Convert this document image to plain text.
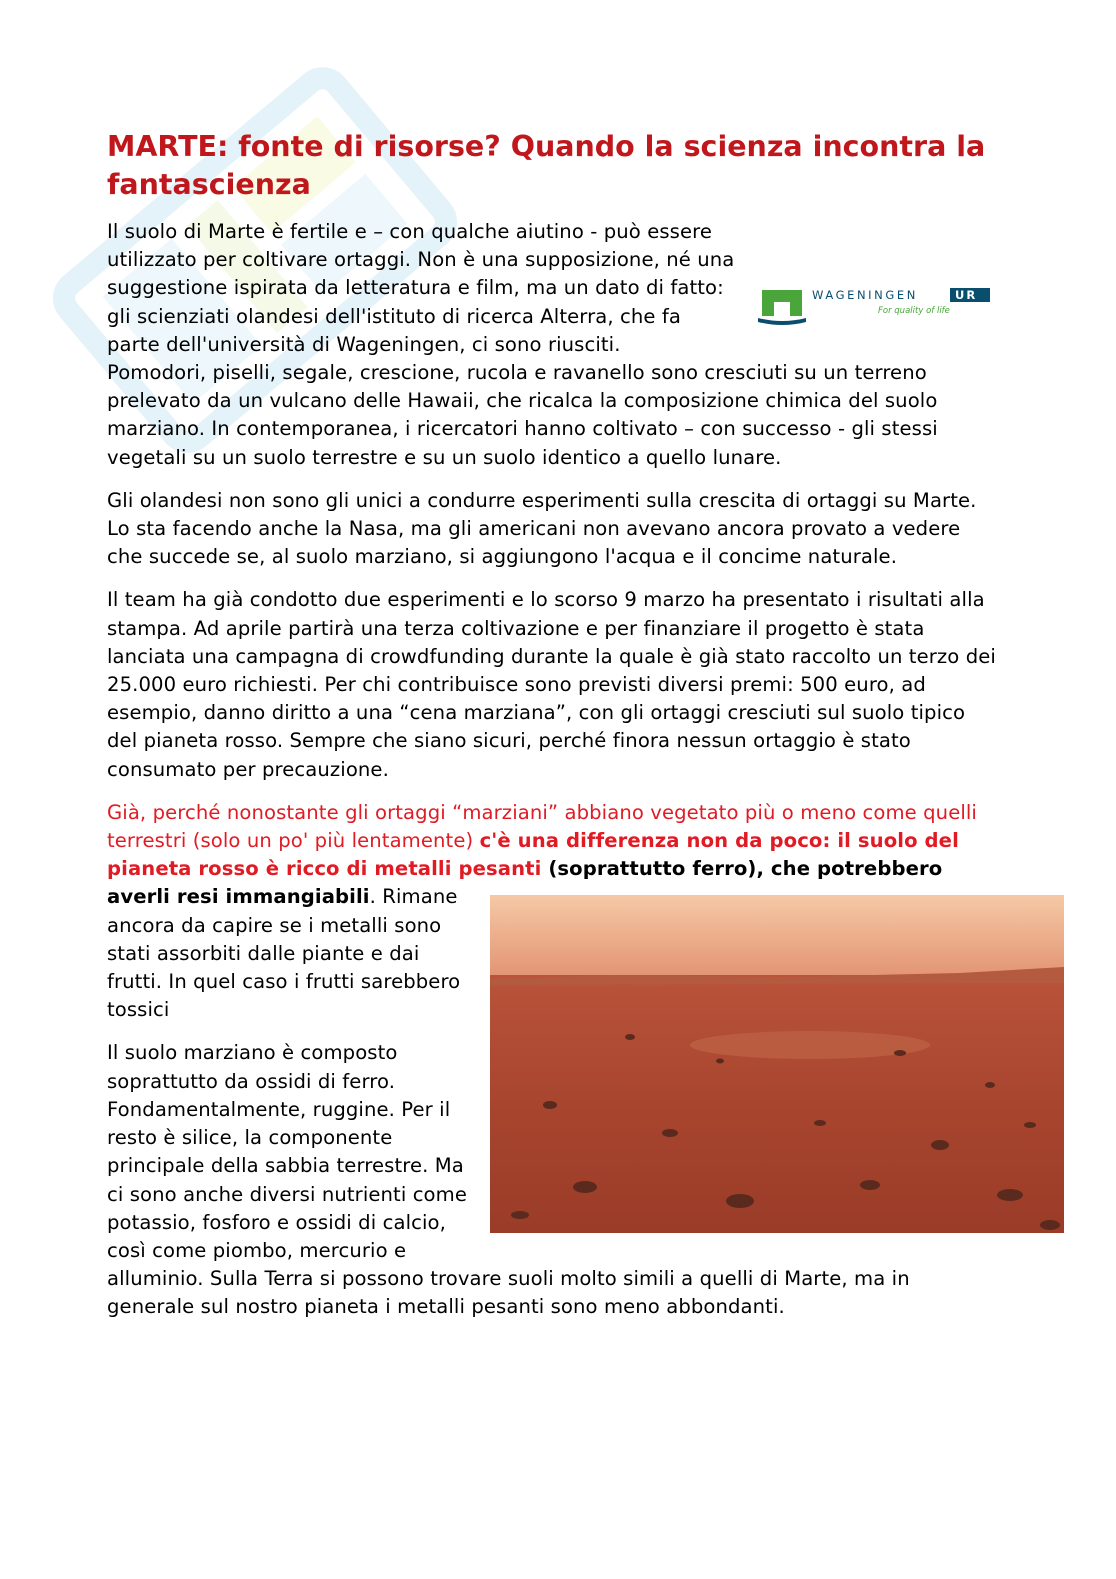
MARTE: fonte di risorse? Quando la scienza incontra la fantascienza
WAGENINGEN	UR
For quality of life

Il suolo di Marte è fertile e – con qualche aiutino - può essere utilizzato per coltivare ortaggi. Non è una supposizione, né una suggestione ispirata da letteratura e film, ma un dato di fatto: gli scienziati olandesi dell'istituto di ricerca Alterra, che fa parte dell'università di Wageningen, ci sono riusciti.

Pomodori, piselli, segale, crescione, rucola e ravanello sono cresciuti su un terreno prelevato da un vulcano delle Hawaii, che ricalca la composizione chimica del suolo marziano. In contemporanea, i ricercatori hanno coltivato – con successo - gli stessi vegetali su un suolo terrestre e su un suolo identico a quello lunare.

Gli olandesi non sono gli unici a condurre esperimenti sulla crescita di ortaggi su Marte. Lo sta facendo anche la Nasa, ma gli americani non avevano ancora provato a vedere che succede se, al suolo marziano, si aggiungono l'acqua e il concime naturale.

Il team ha già condotto due esperimenti e lo scorso 9 marzo ha presentato i risultati alla stampa. Ad aprile partirà una terza coltivazione e per finanziare il progetto è stata lanciata una campagna di crowdfunding durante la quale è già stato raccolto un terzo dei 25.000 euro richiesti. Per chi contribuisce sono previsti diversi premi: 500 euro, ad esempio, danno diritto a una “cena marziana”, con gli ortaggi cresciuti sul suolo tipico del pianeta rosso. Sempre che siano sicuri, perché finora nessun ortaggio è stato consumato per precauzione.

Già, perché nonostante gli ortaggi “marziani” abbiano vegetato più o meno come quelli terrestri (solo un po' più lentamente) c'è una differenza non da poco: il suolo del pianeta rosso è ricco di metalli pesanti (soprattutto ferro), che potrebbero averli resi immangiabili
. Rimane ancora da capire se i metalli sono stati assorbiti dalle piante e dai frutti. In quel caso i frutti sarebbero tossici

Il suolo marziano è composto soprattutto da ossidi di ferro. Fondamentalmente, ruggine. Per il resto è silice, la componente principale della sabbia terrestre. Ma ci sono anche diversi nutrienti come potassio, fosforo e ossidi di calcio, così come piombo, mercurio e alluminio. Sulla Terra si possono trovare suoli molto simili a quelli di Marte, ma in generale sul nostro pianeta i metalli pesanti sono meno abbondanti.
